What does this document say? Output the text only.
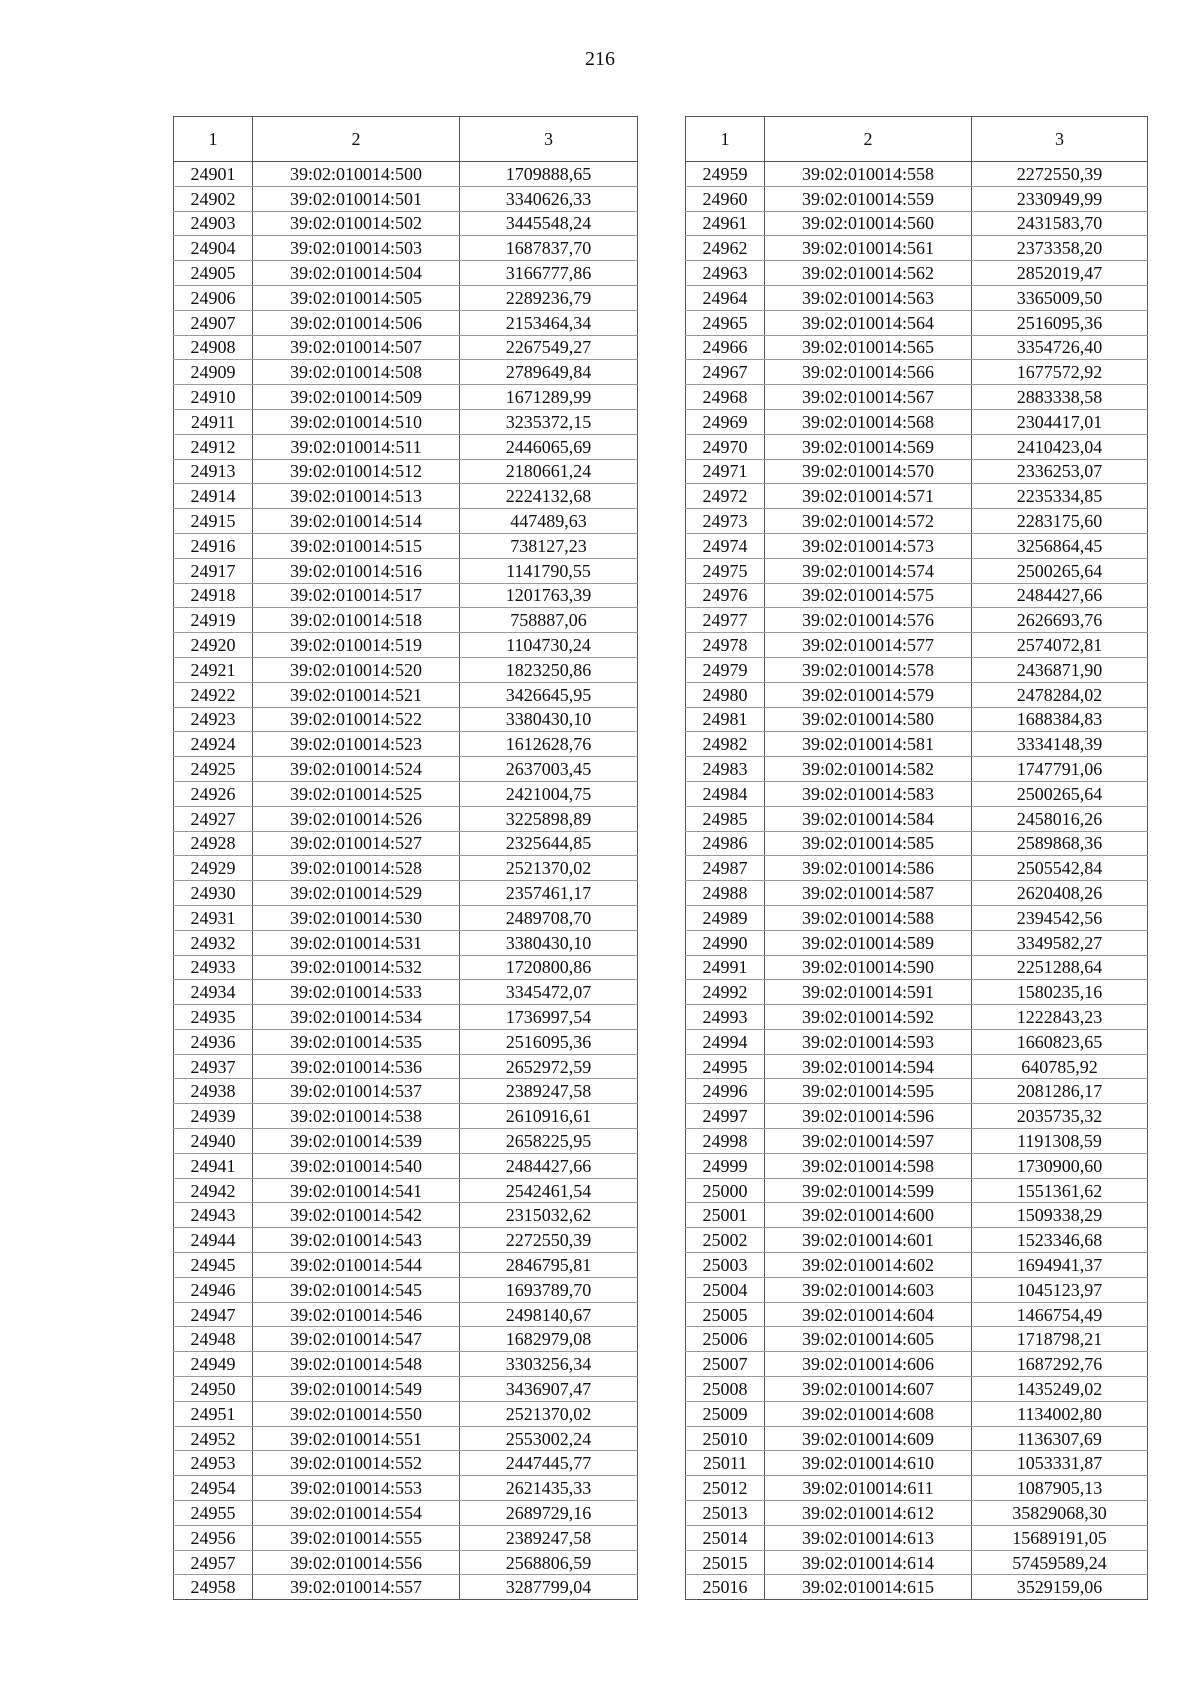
216
1	2	3
24901	39:02:010014:500	1709888,65
24902	39:02:010014:501	3340626,33
24903	39:02:010014:502	3445548,24
24904	39:02:010014:503	1687837,70
24905	39:02:010014:504	3166777,86
24906	39:02:010014:505	2289236,79
24907	39:02:010014:506	2153464,34
24908	39:02:010014:507	2267549,27
24909	39:02:010014:508	2789649,84
24910	39:02:010014:509	1671289,99
24911	39:02:010014:510	3235372,15
24912	39:02:010014:511	2446065,69
24913	39:02:010014:512	2180661,24
24914	39:02:010014:513	2224132,68
24915	39:02:010014:514	447489,63
24916	39:02:010014:515	738127,23
24917	39:02:010014:516	1141790,55
24918	39:02:010014:517	1201763,39
24919	39:02:010014:518	758887,06
24920	39:02:010014:519	1104730,24
24921	39:02:010014:520	1823250,86
24922	39:02:010014:521	3426645,95
24923	39:02:010014:522	3380430,10
24924	39:02:010014:523	1612628,76
24925	39:02:010014:524	2637003,45
24926	39:02:010014:525	2421004,75
24927	39:02:010014:526	3225898,89
24928	39:02:010014:527	2325644,85
24929	39:02:010014:528	2521370,02
24930	39:02:010014:529	2357461,17
24931	39:02:010014:530	2489708,70
24932	39:02:010014:531	3380430,10
24933	39:02:010014:532	1720800,86
24934	39:02:010014:533	3345472,07
24935	39:02:010014:534	1736997,54
24936	39:02:010014:535	2516095,36
24937	39:02:010014:536	2652972,59
24938	39:02:010014:537	2389247,58
24939	39:02:010014:538	2610916,61
24940	39:02:010014:539	2658225,95
24941	39:02:010014:540	2484427,66
24942	39:02:010014:541	2542461,54
24943	39:02:010014:542	2315032,62
24944	39:02:010014:543	2272550,39
24945	39:02:010014:544	2846795,81
24946	39:02:010014:545	1693789,70
24947	39:02:010014:546	2498140,67
24948	39:02:010014:547	1682979,08
24949	39:02:010014:548	3303256,34
24950	39:02:010014:549	3436907,47
24951	39:02:010014:550	2521370,02
24952	39:02:010014:551	2553002,24
24953	39:02:010014:552	2447445,77
24954	39:02:010014:553	2621435,33
24955	39:02:010014:554	2689729,16
24956	39:02:010014:555	2389247,58
24957	39:02:010014:556	2568806,59
24958	39:02:010014:557	3287799,04
1	2	3
24959	39:02:010014:558	2272550,39
24960	39:02:010014:559	2330949,99
24961	39:02:010014:560	2431583,70
24962	39:02:010014:561	2373358,20
24963	39:02:010014:562	2852019,47
24964	39:02:010014:563	3365009,50
24965	39:02:010014:564	2516095,36
24966	39:02:010014:565	3354726,40
24967	39:02:010014:566	1677572,92
24968	39:02:010014:567	2883338,58
24969	39:02:010014:568	2304417,01
24970	39:02:010014:569	2410423,04
24971	39:02:010014:570	2336253,07
24972	39:02:010014:571	2235334,85
24973	39:02:010014:572	2283175,60
24974	39:02:010014:573	3256864,45
24975	39:02:010014:574	2500265,64
24976	39:02:010014:575	2484427,66
24977	39:02:010014:576	2626693,76
24978	39:02:010014:577	2574072,81
24979	39:02:010014:578	2436871,90
24980	39:02:010014:579	2478284,02
24981	39:02:010014:580	1688384,83
24982	39:02:010014:581	3334148,39
24983	39:02:010014:582	1747791,06
24984	39:02:010014:583	2500265,64
24985	39:02:010014:584	2458016,26
24986	39:02:010014:585	2589868,36
24987	39:02:010014:586	2505542,84
24988	39:02:010014:587	2620408,26
24989	39:02:010014:588	2394542,56
24990	39:02:010014:589	3349582,27
24991	39:02:010014:590	2251288,64
24992	39:02:010014:591	1580235,16
24993	39:02:010014:592	1222843,23
24994	39:02:010014:593	1660823,65
24995	39:02:010014:594	640785,92
24996	39:02:010014:595	2081286,17
24997	39:02:010014:596	2035735,32
24998	39:02:010014:597	1191308,59
24999	39:02:010014:598	1730900,60
25000	39:02:010014:599	1551361,62
25001	39:02:010014:600	1509338,29
25002	39:02:010014:601	1523346,68
25003	39:02:010014:602	1694941,37
25004	39:02:010014:603	1045123,97
25005	39:02:010014:604	1466754,49
25006	39:02:010014:605	1718798,21
25007	39:02:010014:606	1687292,76
25008	39:02:010014:607	1435249,02
25009	39:02:010014:608	1134002,80
25010	39:02:010014:609	1136307,69
25011	39:02:010014:610	1053331,87
25012	39:02:010014:611	1087905,13
25013	39:02:010014:612	35829068,30
25014	39:02:010014:613	15689191,05
25015	39:02:010014:614	57459589,24
25016	39:02:010014:615	3529159,06
